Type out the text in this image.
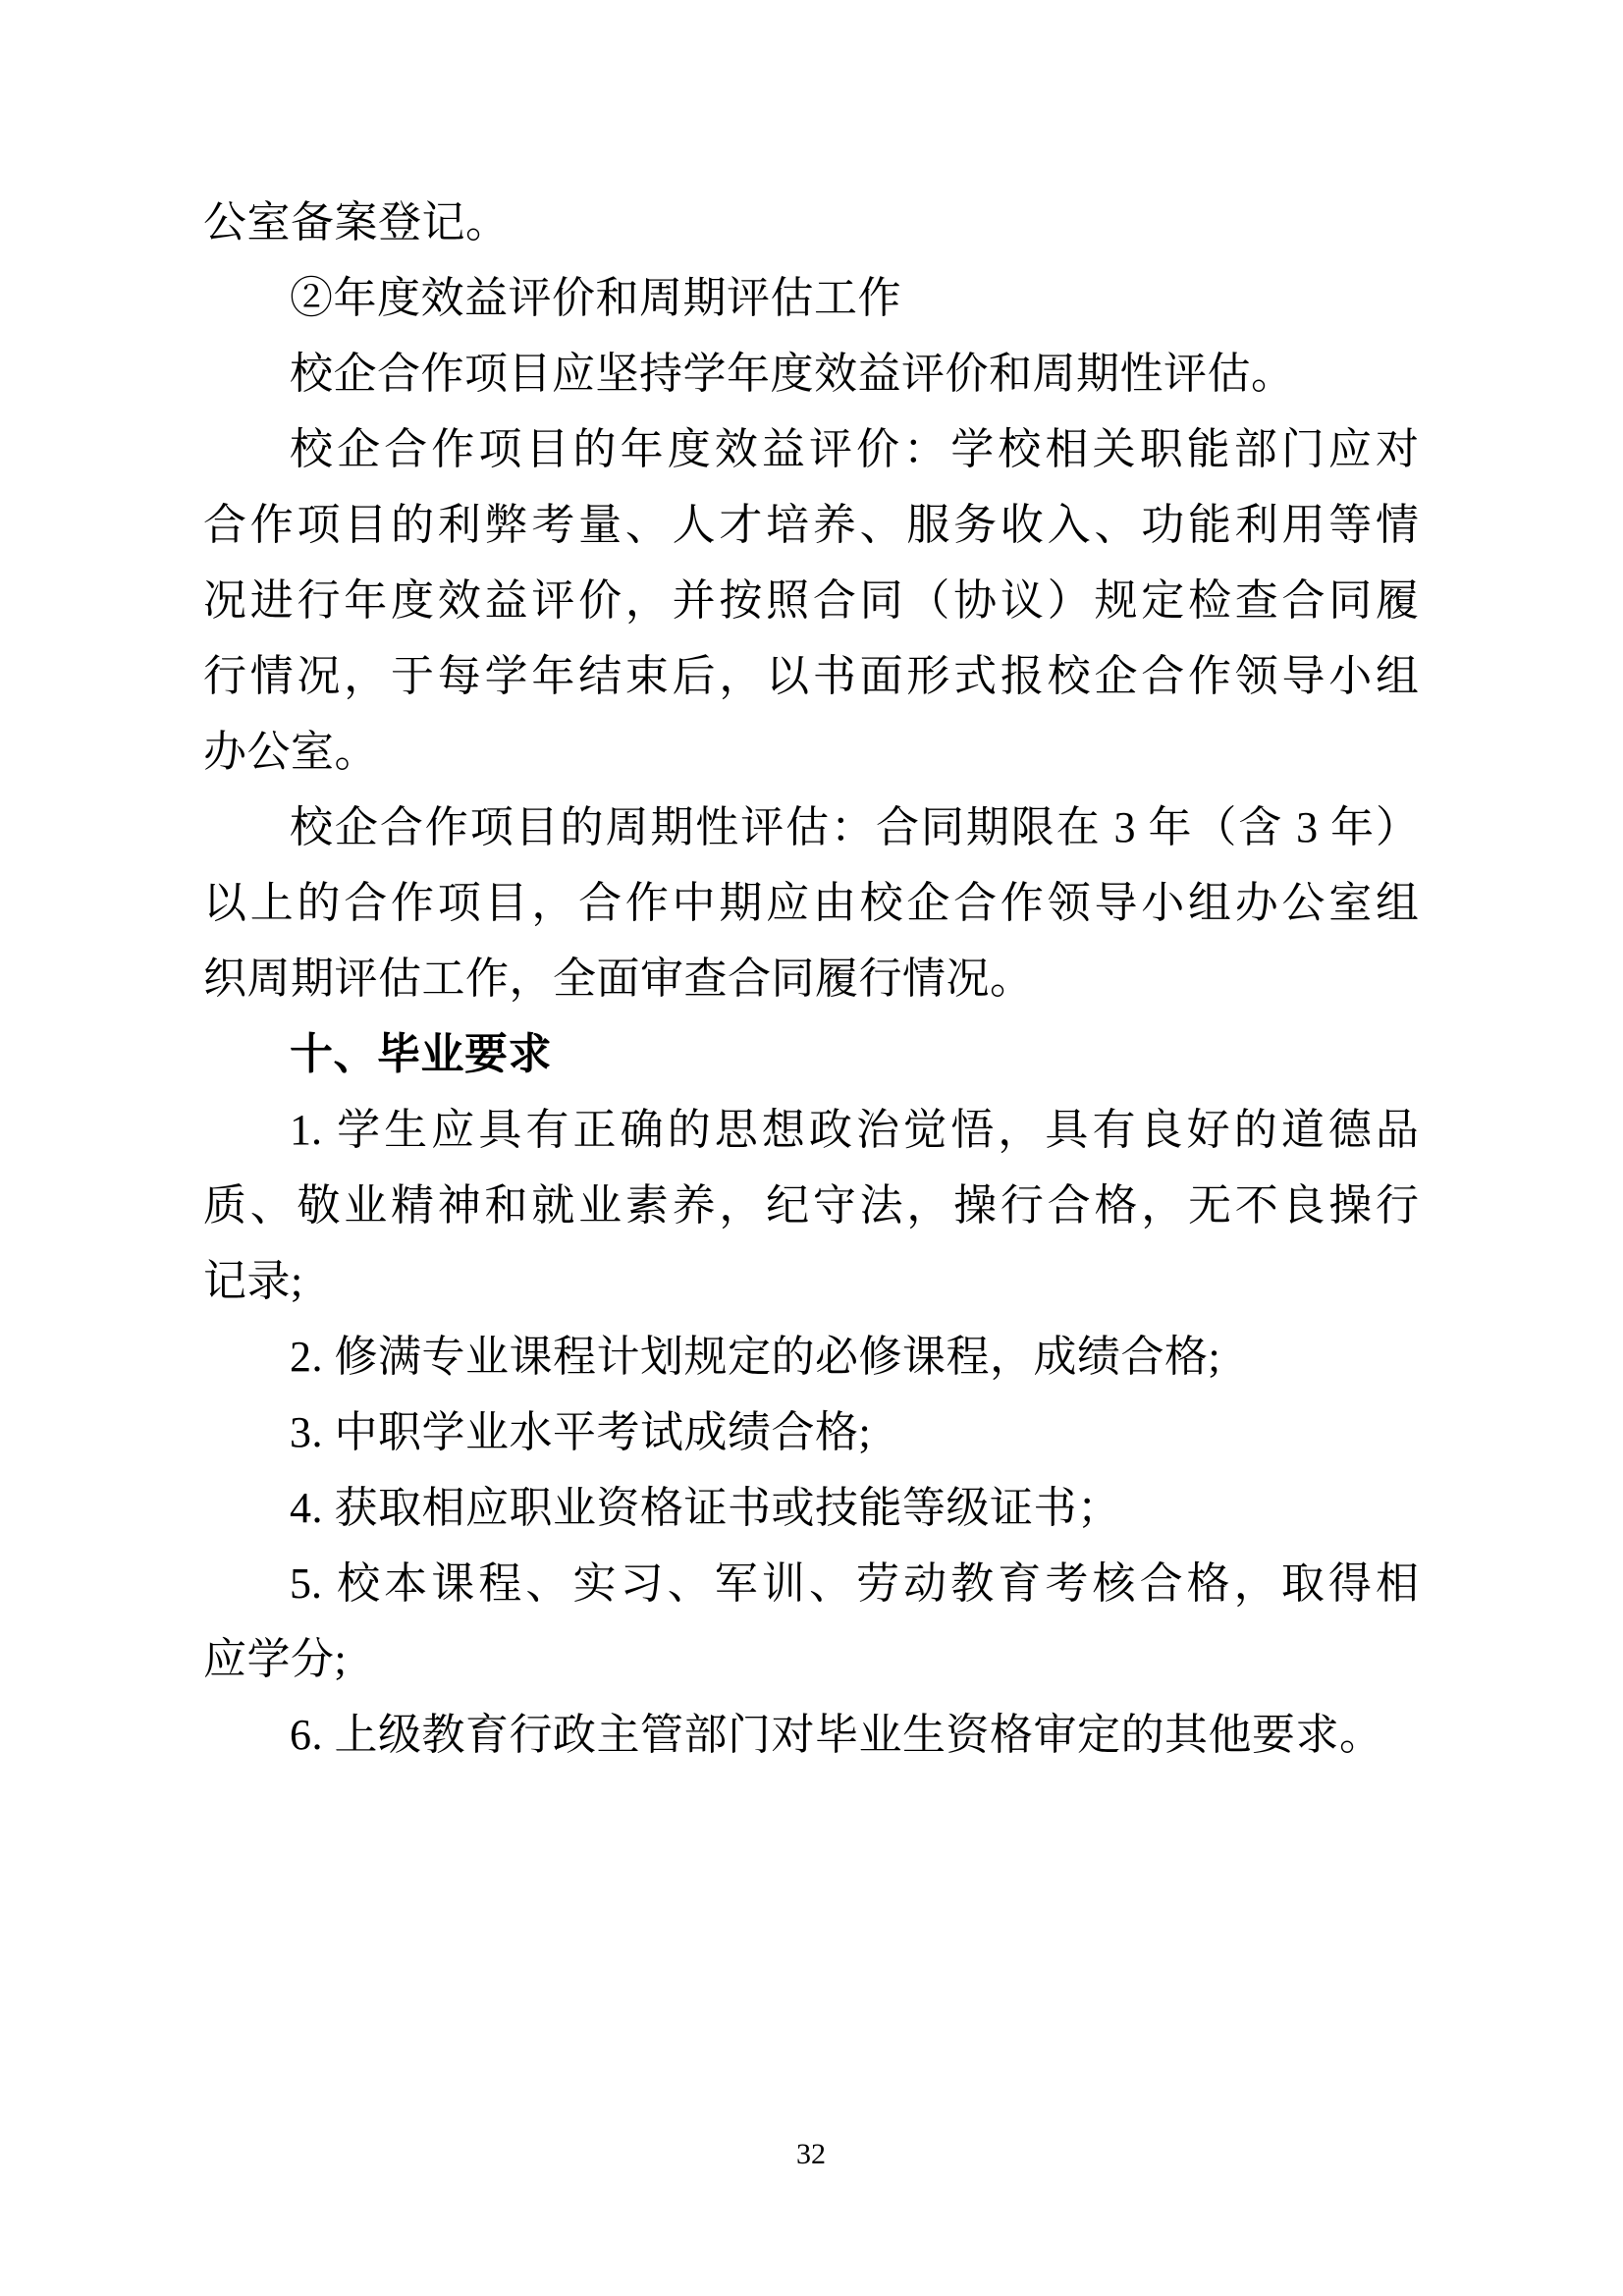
公室备案登记。
②年度效益评价和周期评估工作
校企合作项目应坚持学年度效益评价和周期性评估。
校企合作项目的年度效益评价：学校相关职能部门应对
合作项目的利弊考量、人才培养、服务收入、功能利用等情
况进行年度效益评价，并按照合同（协议）规定检查合同履
行情况，于每学年结束后，以书面形式报校企合作领导小组
办公室。
校企合作项目的周期性评估：合同期限在 3 年（含 3 年）
以上的合作项目，合作中期应由校企合作领导小组办公室组
织周期评估工作，全面审查合同履行情况。
十、毕业要求
1. 学生应具有正确的思想政治觉悟，具有良好的道德品
质、敬业精神和就业素养，纪守法，操行合格，无不良操行
记录;
2. 修满专业课程计划规定的必修课程，成绩合格;
3. 中职学业水平考试成绩合格;
4. 获取相应职业资格证书或技能等级证书；
5. 校本课程、实习、军训、劳动教育考核合格，取得相
应学分;
6. 上级教育行政主管部门对毕业生资格审定的其他要求。
32
